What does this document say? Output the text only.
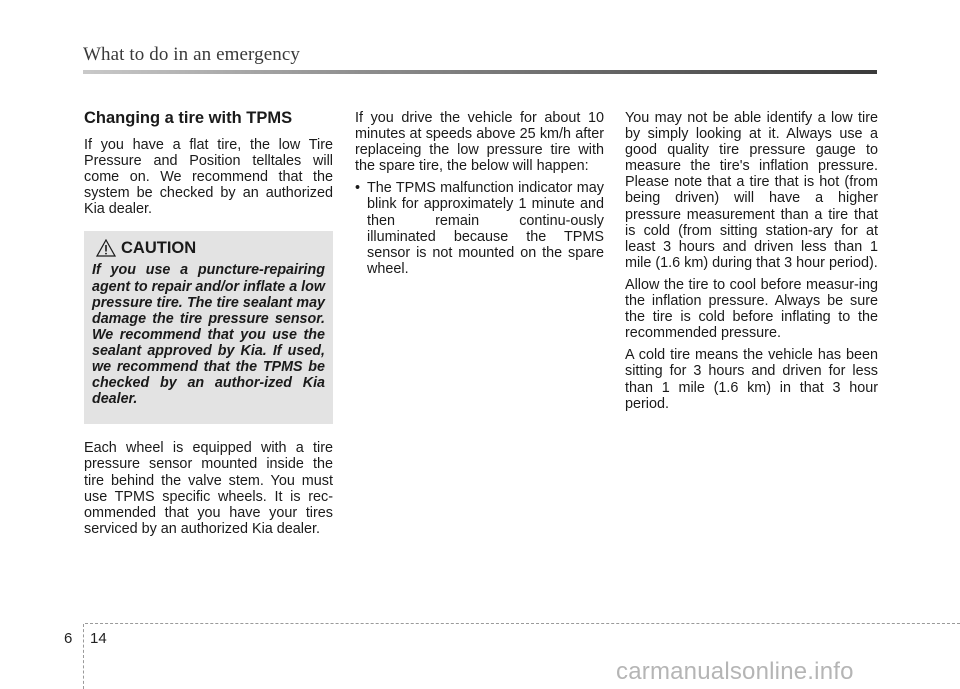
What to do in an emergency
Changing a tire with TPMS

If you have a flat tire, the low Tire Pressure and Position telltales will come on. We recommend that the system be checked by an authorized Kia dealer.

CAUTION

If you use a puncture-repairing agent to repair and/or inflate a low pressure tire. The tire sealant may damage the tire pressure sensor. We recommend that you use the sealant approved by Kia. If used, we recommend that the TPMS be checked by an author-ized Kia dealer.

Each wheel is equipped with a tire pressure sensor mounted inside the tire behind the valve stem. You must use TPMS specific wheels. It is rec-ommended that you have your tires serviced by an authorized Kia dealer.

If you drive the vehicle for about 10 minutes at speeds above 25 km/h after replaceing the low pressure tire with the spare tire, the below will happen:

• The TPMS malfunction indicator may blink for approximately 1 minute and then remain continu-ously illuminated because the TPMS sensor is not mounted on the spare wheel.

You may not be able identify a low tire by simply looking at it. Always use a good quality tire pressure gauge to measure the tire's inflation pressure. Please note that a tire that is hot (from being driven) will have a higher pressure measurement than a tire that is cold (from sitting station-ary for at least 3 hours and driven less than 1 mile (1.6 km) during that 3 hour period).

Allow the tire to cool before measur-ing the inflation pressure. Always be sure the tire is cold before inflating to the recommended pressure.

A cold tire means the vehicle has been sitting for 3 hours and driven for less than 1 mile (1.6 km) in that 3 hour period.

6 14
carmanualsonline.info
